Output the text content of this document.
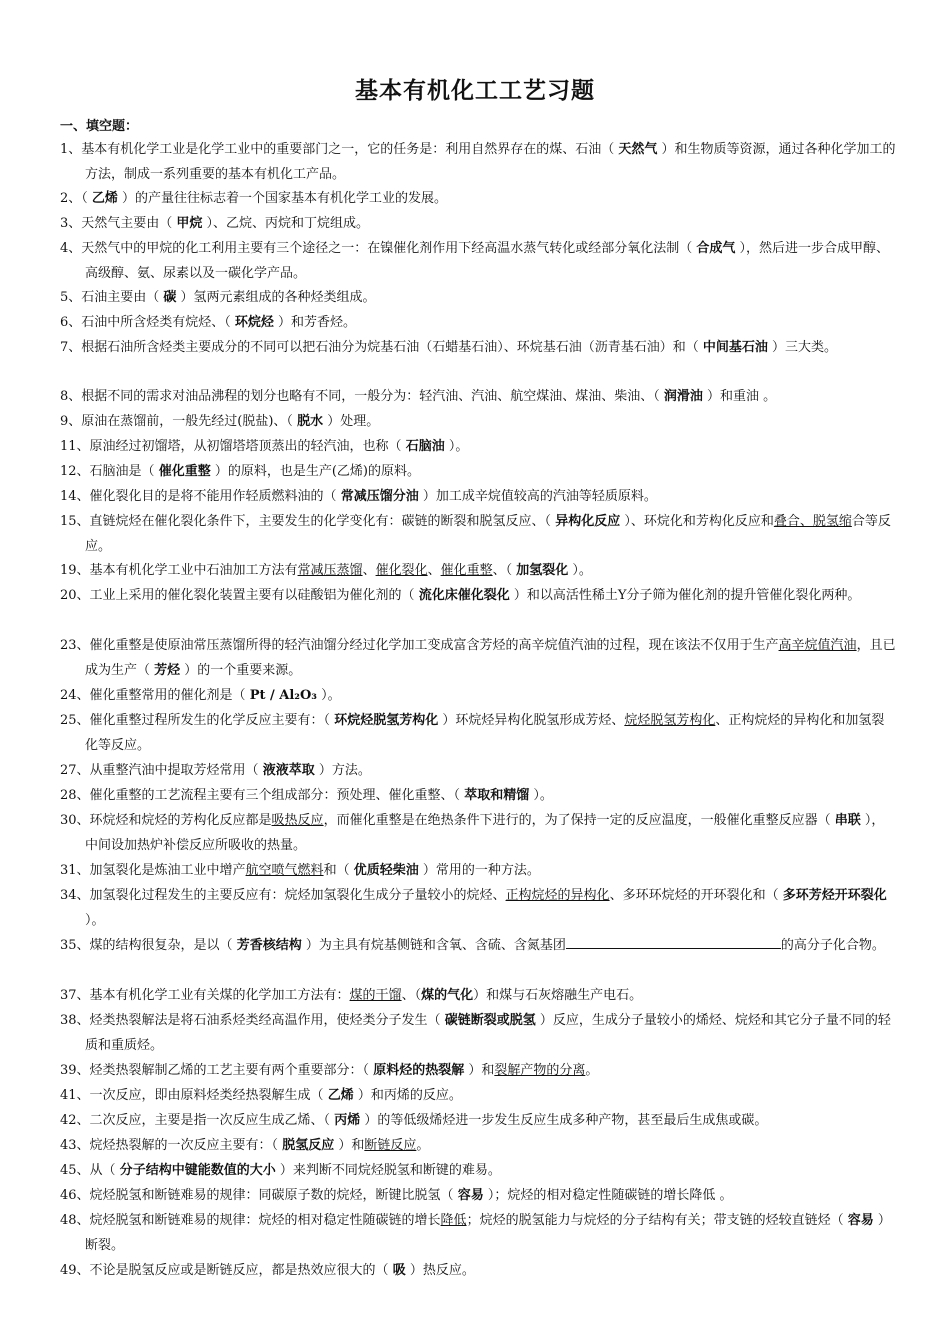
基本有机化工工艺习题
一、填空题：
1、基本有机化学工业是化学工业中的重要部门之一，它的任务是：利用自然界存在的煤、石油（ 天然气 ）和生物质等资源，通过各种化学加工的方法，制成一系列重要的基本有机化工产品。
2、（ 乙烯 ）的产量往往标志着一个国家基本有机化学工业的发展。
3、天然气主要由（ 甲烷 ）、乙烷、丙烷和丁烷组成。
4、天然气中的甲烷的化工利用主要有三个途径之一：在镍催化剂作用下经高温水蒸气转化或经部分氧化法制（ 合成气 ），然后进一步合成甲醇、高级醇、氨、尿素以及一碳化学产品。
5、石油主要由（ 碳 ）氢两元素组成的各种烃类组成。
6、石油中所含烃类有烷烃、（ 环烷烃 ）和芳香烃。
7、根据石油所含烃类主要成分的不同可以把石油分为烷基石油（石蜡基石油）、环烷基石油（沥青基石油）和（ 中间基石油 ）三大类。
8、根据不同的需求对油品沸程的划分也略有不同，一般分为：轻汽油、汽油、航空煤油、煤油、柴油、（ 润滑油 ）和重油 。
9、原油在蒸馏前，一般先经过(脱盐)、（ 脱水 ）处理。
11、原油经过初馏塔，从初馏塔塔顶蒸出的轻汽油，也称（ 石脑油 ）。
12、石脑油是（ 催化重整 ）的原料，也是生产(乙烯)的原料。
14、催化裂化目的是将不能用作轻质燃料油的（ 常减压馏分油 ）加工成辛烷值较高的汽油等轻质原料。
15、直链烷烃在催化裂化条件下，主要发生的化学变化有：碳链的断裂和脱氢反应、（ 异构化反应 ）、环烷化和芳构化反应和叠合、脱氢缩合等反应。
19、基本有机化学工业中石油加工方法有常减压蒸馏、催化裂化、催化重整、（ 加氢裂化 ）。
20、工业上采用的催化裂化装置主要有以硅酸铝为催化剂的（ 流化床催化裂化 ）和以高活性稀土Y分子筛为催化剂的提升管催化裂化两种。
23、催化重整是使原油常压蒸馏所得的轻汽油馏分经过化学加工变成富含芳烃的高辛烷值汽油的过程，现在该法不仅用于生产高辛烷值汽油，且已成为生产（ 芳烃 ）的一个重要来源。
24、催化重整常用的催化剂是（ Pt / Al₂O₃ ）。
25、催化重整过程所发生的化学反应主要有：（ 环烷烃脱氢芳构化 ）环烷烃异构化脱氢形成芳烃、烷烃脱氢芳构化、正构烷烃的异构化和加氢裂化等反应。
27、从重整汽油中提取芳烃常用（ 液液萃取 ）方法。
28、催化重整的工艺流程主要有三个组成部分：预处理、催化重整、（ 萃取和精馏 ）。
30、环烷烃和烷烃的芳构化反应都是吸热反应，而催化重整是在绝热条件下进行的，为了保持一定的反应温度，一般催化重整反应器（ 串联 ），中间设加热炉补偿反应所吸收的热量。
31、加氢裂化是炼油工业中增产航空喷气燃料和（ 优质轻柴油 ）常用的一种方法。
34、加氢裂化过程发生的主要反应有：烷烃加氢裂化生成分子量较小的烷烃、正构烷烃的异构化、多环环烷烃的开环裂化和（ 多环芳烃开环裂化 ）。
35、煤的结构很复杂，是以（ 芳香核结构 ）为主具有烷基侧链和含氧、含硫、含氮基团	的高分子化合物。
37、基本有机化学工业有关煤的化学加工方法有：煤的干馏、（煤的气化）和煤与石灰熔融生产电石。
38、烃类热裂解法是将石油系烃类经高温作用，使烃类分子发生（ 碳链断裂或脱氢 ）反应，生成分子量较小的烯烃、烷烃和其它分子量不同的轻质和重质烃。
39、烃类热裂解制乙烯的工艺主要有两个重要部分：（ 原料烃的热裂解 ）和裂解产物的分离。
41、一次反应，即由原料烃类经热裂解生成（ 乙烯 ）和丙烯的反应。
42、二次反应，主要是指一次反应生成乙烯、（ 丙烯 ）的等低级烯烃进一步发生反应生成多种产物，甚至最后生成焦或碳。
43、烷烃热裂解的一次反应主要有：（ 脱氢反应 ）和断链反应。
45、从（ 分子结构中键能数值的大小 ）来判断不同烷烃脱氢和断键的难易。
46、烷烃脱氢和断链难易的规律：同碳原子数的烷烃，断键比脱氢（ 容易 ）；烷烃的相对稳定性随碳链的增长降低 。
48、烷烃脱氢和断链难易的规律：烷烃的相对稳定性随碳链的增长降低；烷烃的脱氢能力与烷烃的分子结构有关；带支链的烃较直链烃（ 容易 ）断裂。
49、不论是脱氢反应或是断链反应，都是热效应很大的（ 吸 ）热反应。
